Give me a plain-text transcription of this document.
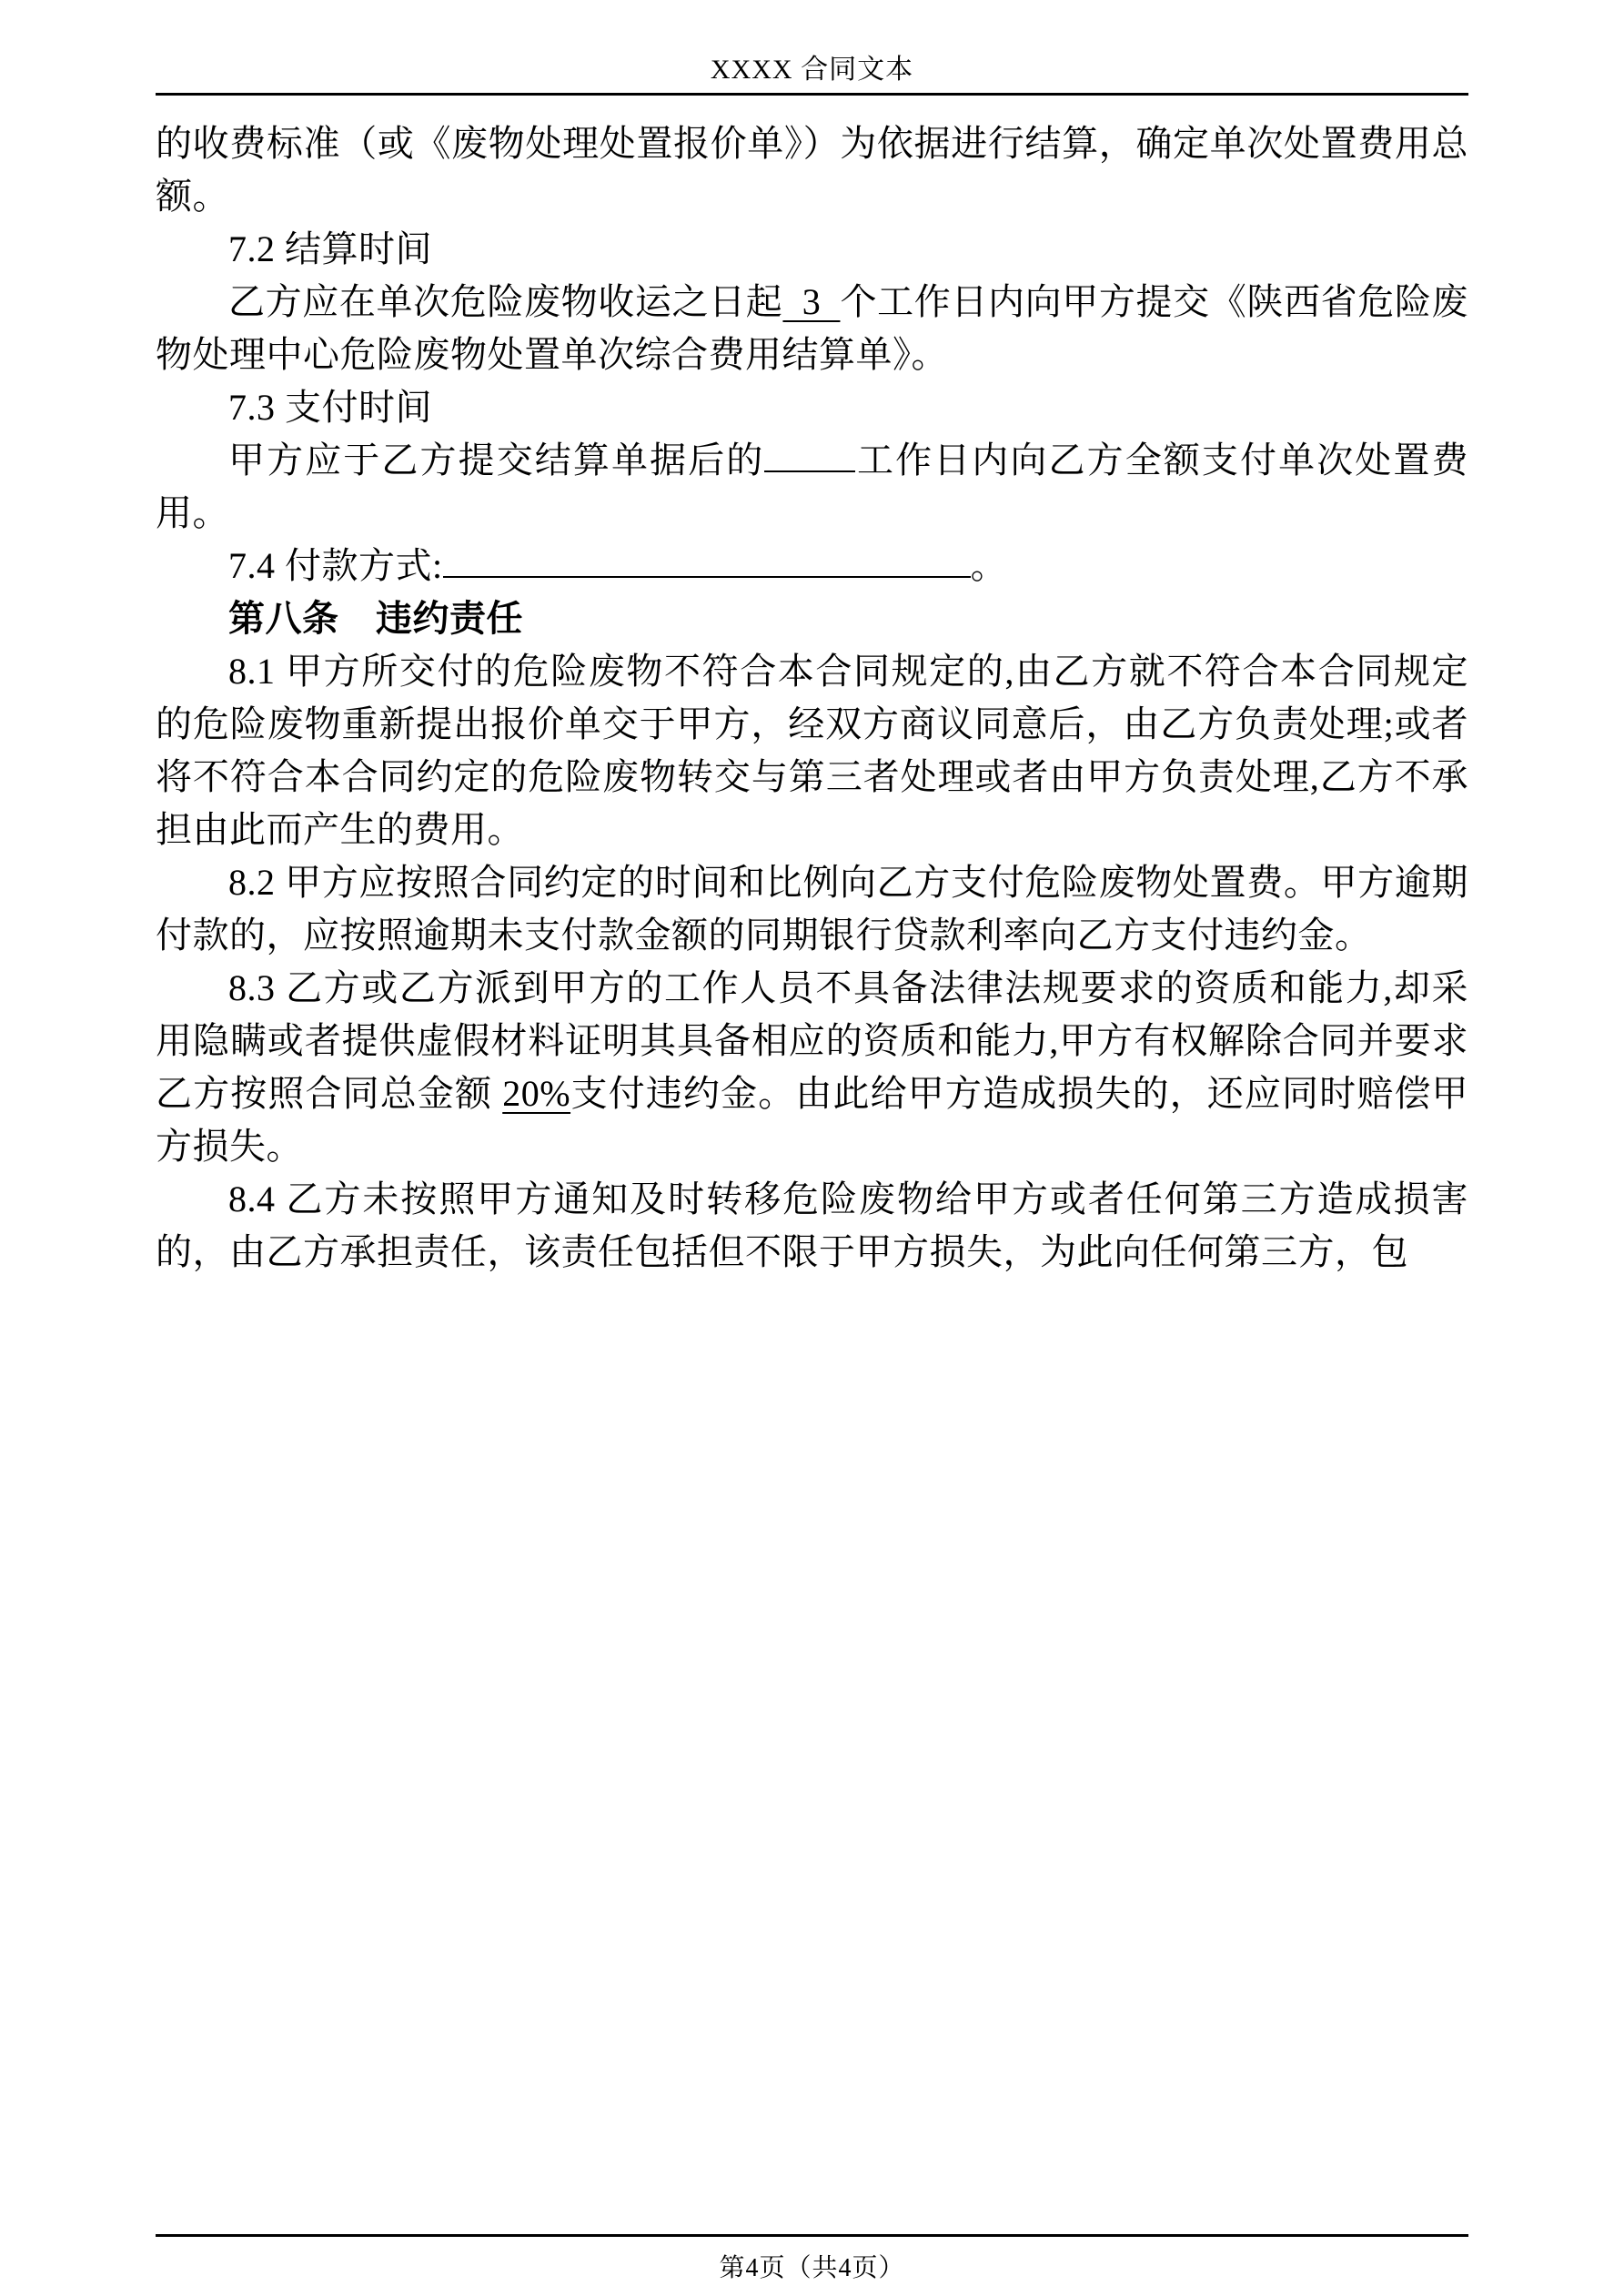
XXXX 合同文本

的收费标准（或《废物处理处置报价单》）为依据进行结算，确定单次处置费用总额。

7.2 结算时间

乙方应在单次危险废物收运之日起  3  个工作日内向甲方提交《陕西省危险废物处理中心危险废物处置单次综合费用结算单》。

7.3 支付时间

甲方应于乙方提交结算单据后的	工作日内向乙方全额支付单次处置费用。

7.4 付款方式:	。

第八条　违约责任

8.1 甲方所交付的危险废物不符合本合同规定的,由乙方就不符合本合同规定的危险废物重新提出报价单交于甲方，经双方商议同意后，由乙方负责处理;或者将不符合本合同约定的危险废物转交与第三者处理或者由甲方负责处理,乙方不承担由此而产生的费用。

8.2 甲方应按照合同约定的时间和比例向乙方支付危险废物处置费。甲方逾期付款的，应按照逾期未支付款金额的同期银行贷款利率向乙方支付违约金。

8.3 乙方或乙方派到甲方的工作人员不具备法律法规要求的资质和能力,却采用隐瞒或者提供虚假材料证明其具备相应的资质和能力,甲方有权解除合同并要求乙方按照合同总金额 20%支付违约金。由此给甲方造成损失的，还应同时赔偿甲方损失。

8.4 乙方未按照甲方通知及时转移危险废物给甲方或者任何第三方造成损害的，由乙方承担责任，该责任包括但不限于甲方损失，为此向任何第三方，包

第4页（共4页）
